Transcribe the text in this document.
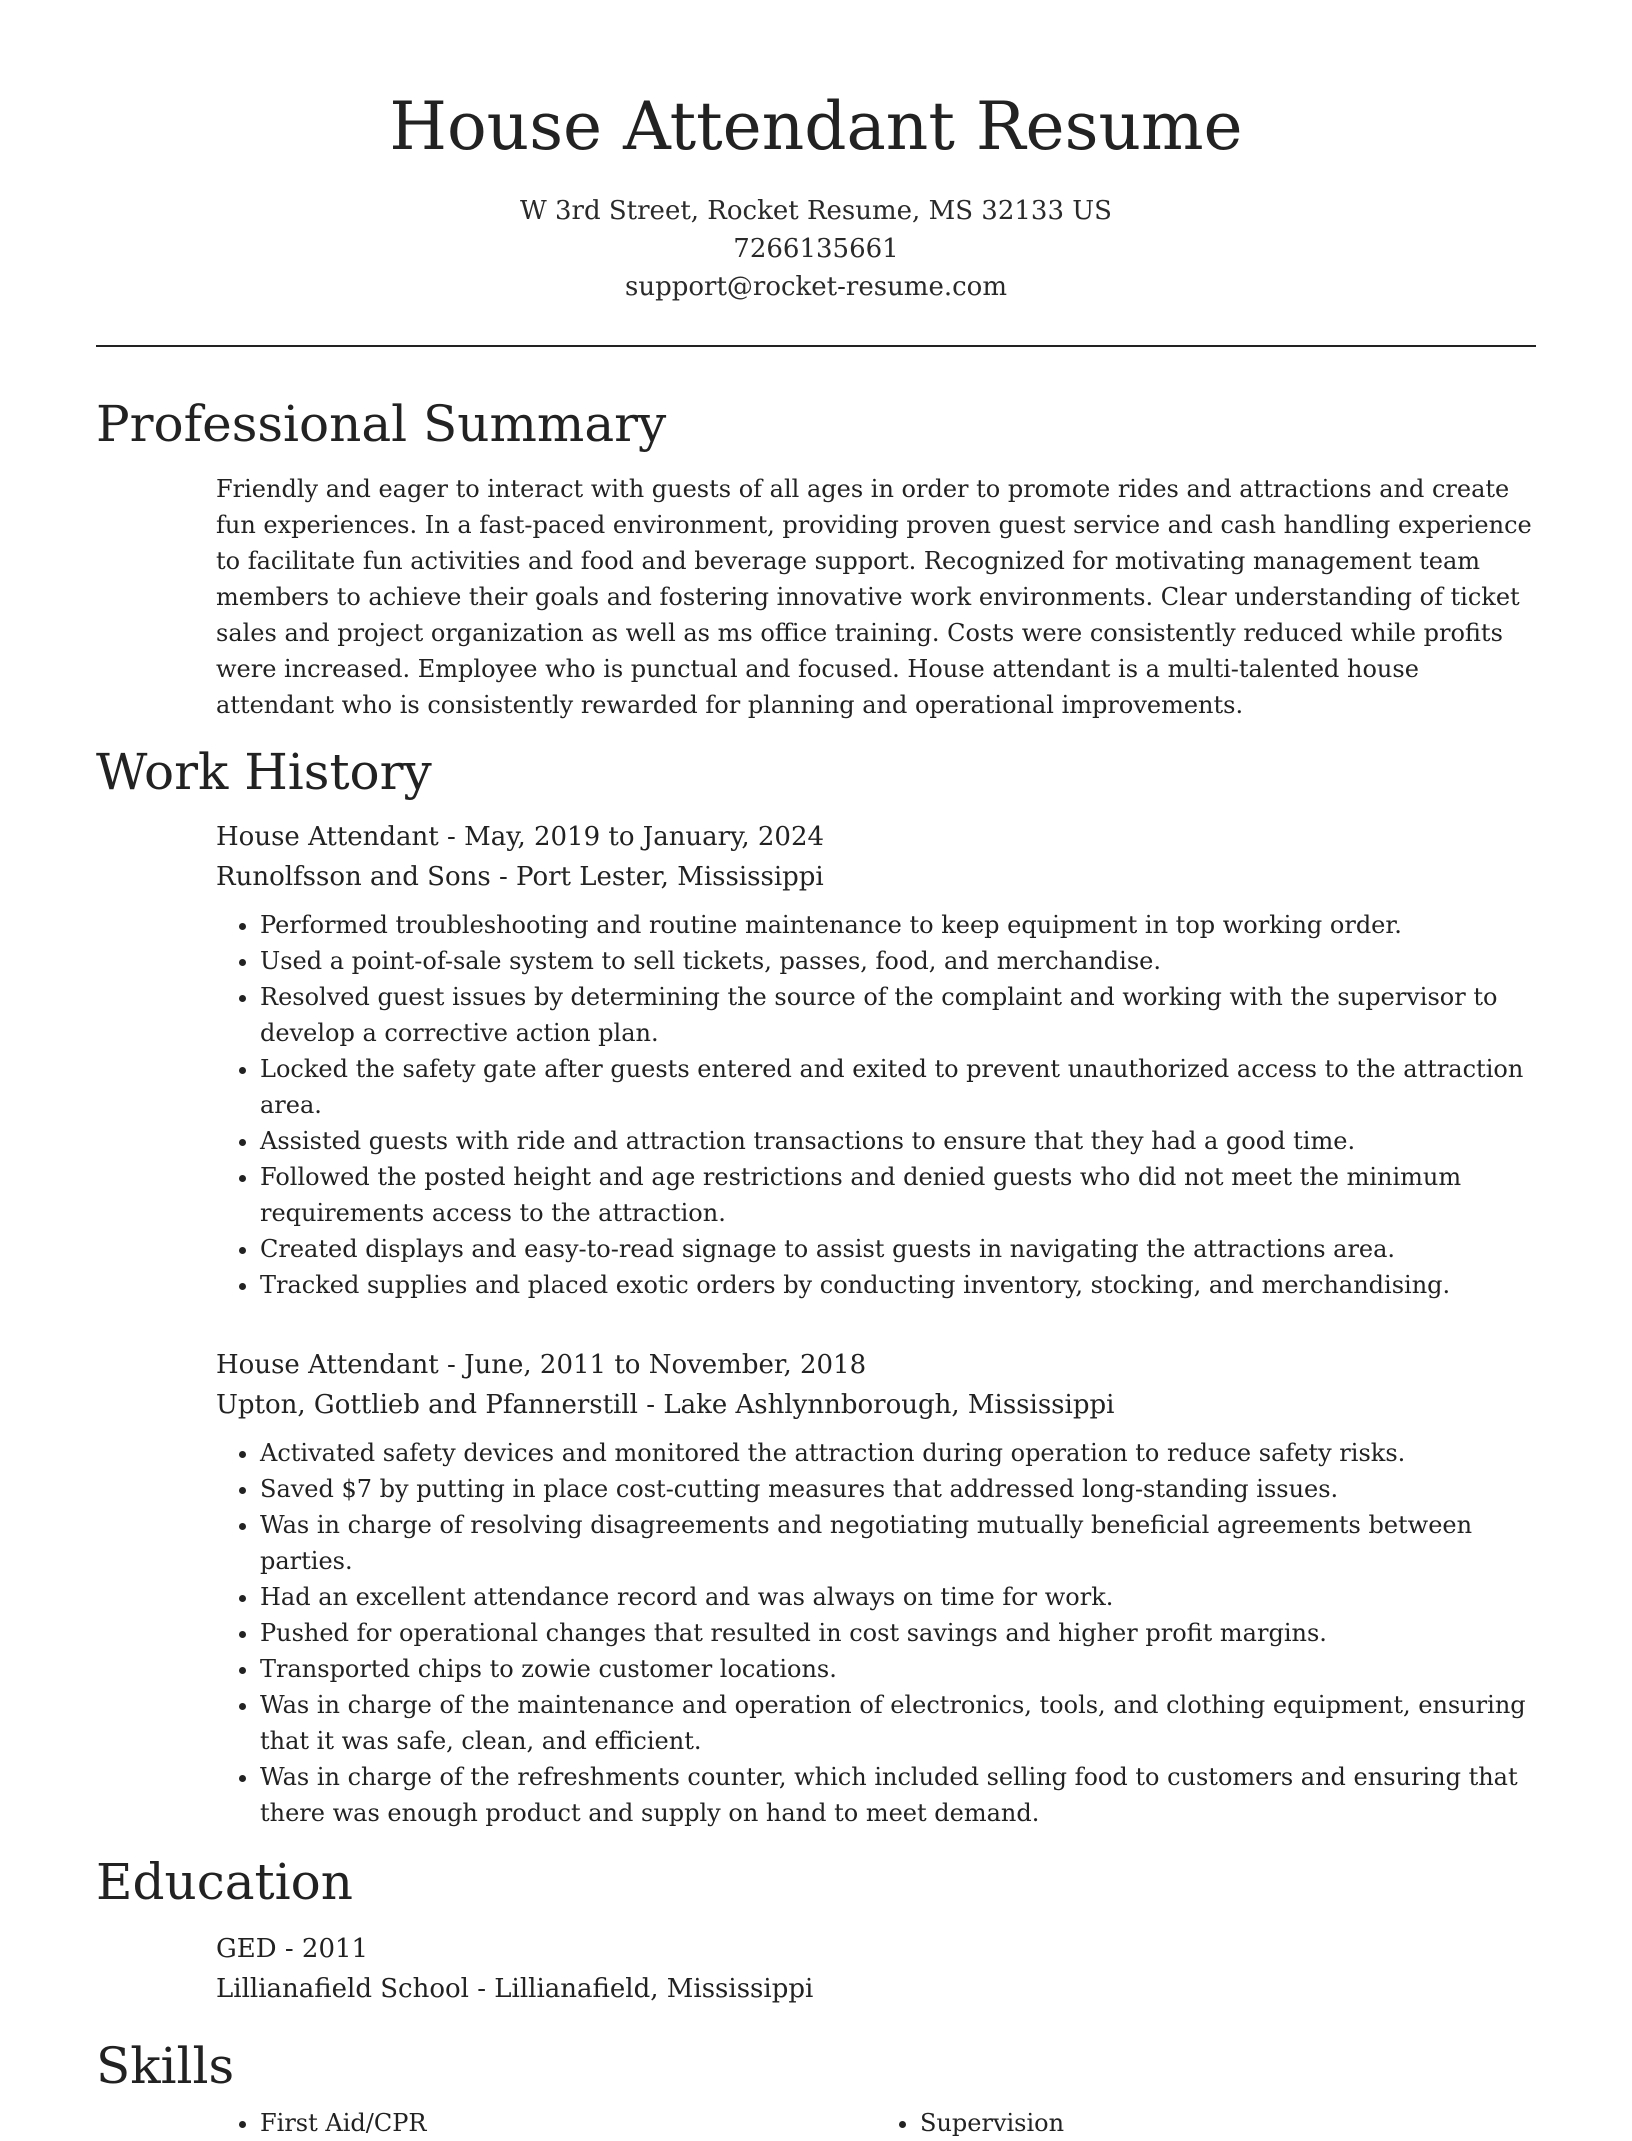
House Attendant Resume
W 3rd Street, Rocket Resume, MS 32133 US
7266135661
support@rocket-resume.com
Professional Summary
Friendly and eager to interact with guests of all ages in order to promote rides and attractions and create fun experiences. In a fast-paced environment, providing proven guest service and cash handling experience to facilitate fun activities and food and beverage support. Recognized for motivating management team members to achieve their goals and fostering innovative work environments. Clear understanding of ticket sales and project organization as well as ms office training. Costs were consistently reduced while profits were increased. Employee who is punctual and focused. House attendant is a multi-talented house attendant who is consistently rewarded for planning and operational improvements.
Work History
House Attendant - May, 2019 to January, 2024
Runolfsson and Sons - Port Lester, Mississippi
• Performed troubleshooting and routine maintenance to keep equipment in top working order.
• Used a point-of-sale system to sell tickets, passes, food, and merchandise.
• Resolved guest issues by determining the source of the complaint and working with the supervisor to develop a corrective action plan.
• Locked the safety gate after guests entered and exited to prevent unauthorized access to the attraction area.
• Assisted guests with ride and attraction transactions to ensure that they had a good time.
• Followed the posted height and age restrictions and denied guests who did not meet the minimum requirements access to the attraction.
• Created displays and easy-to-read signage to assist guests in navigating the attractions area.
• Tracked supplies and placed exotic orders by conducting inventory, stocking, and merchandising.
House Attendant - June, 2011 to November, 2018
Upton, Gottlieb and Pfannerstill - Lake Ashlynnborough, Mississippi
• Activated safety devices and monitored the attraction during operation to reduce safety risks.
• Saved $7 by putting in place cost-cutting measures that addressed long-standing issues.
• Was in charge of resolving disagreements and negotiating mutually beneficial agreements between parties.
• Had an excellent attendance record and was always on time for work.
• Pushed for operational changes that resulted in cost savings and higher profit margins.
• Transported chips to zowie customer locations.
• Was in charge of the maintenance and operation of electronics, tools, and clothing equipment, ensuring that it was safe, clean, and efficient.
• Was in charge of the refreshments counter, which included selling food to customers and ensuring that there was enough product and supply on hand to meet demand.
Education
GED - 2011
Lillianafield School - Lillianafield, Mississippi
Skills
• First Aid/CPR
•	Supervision
